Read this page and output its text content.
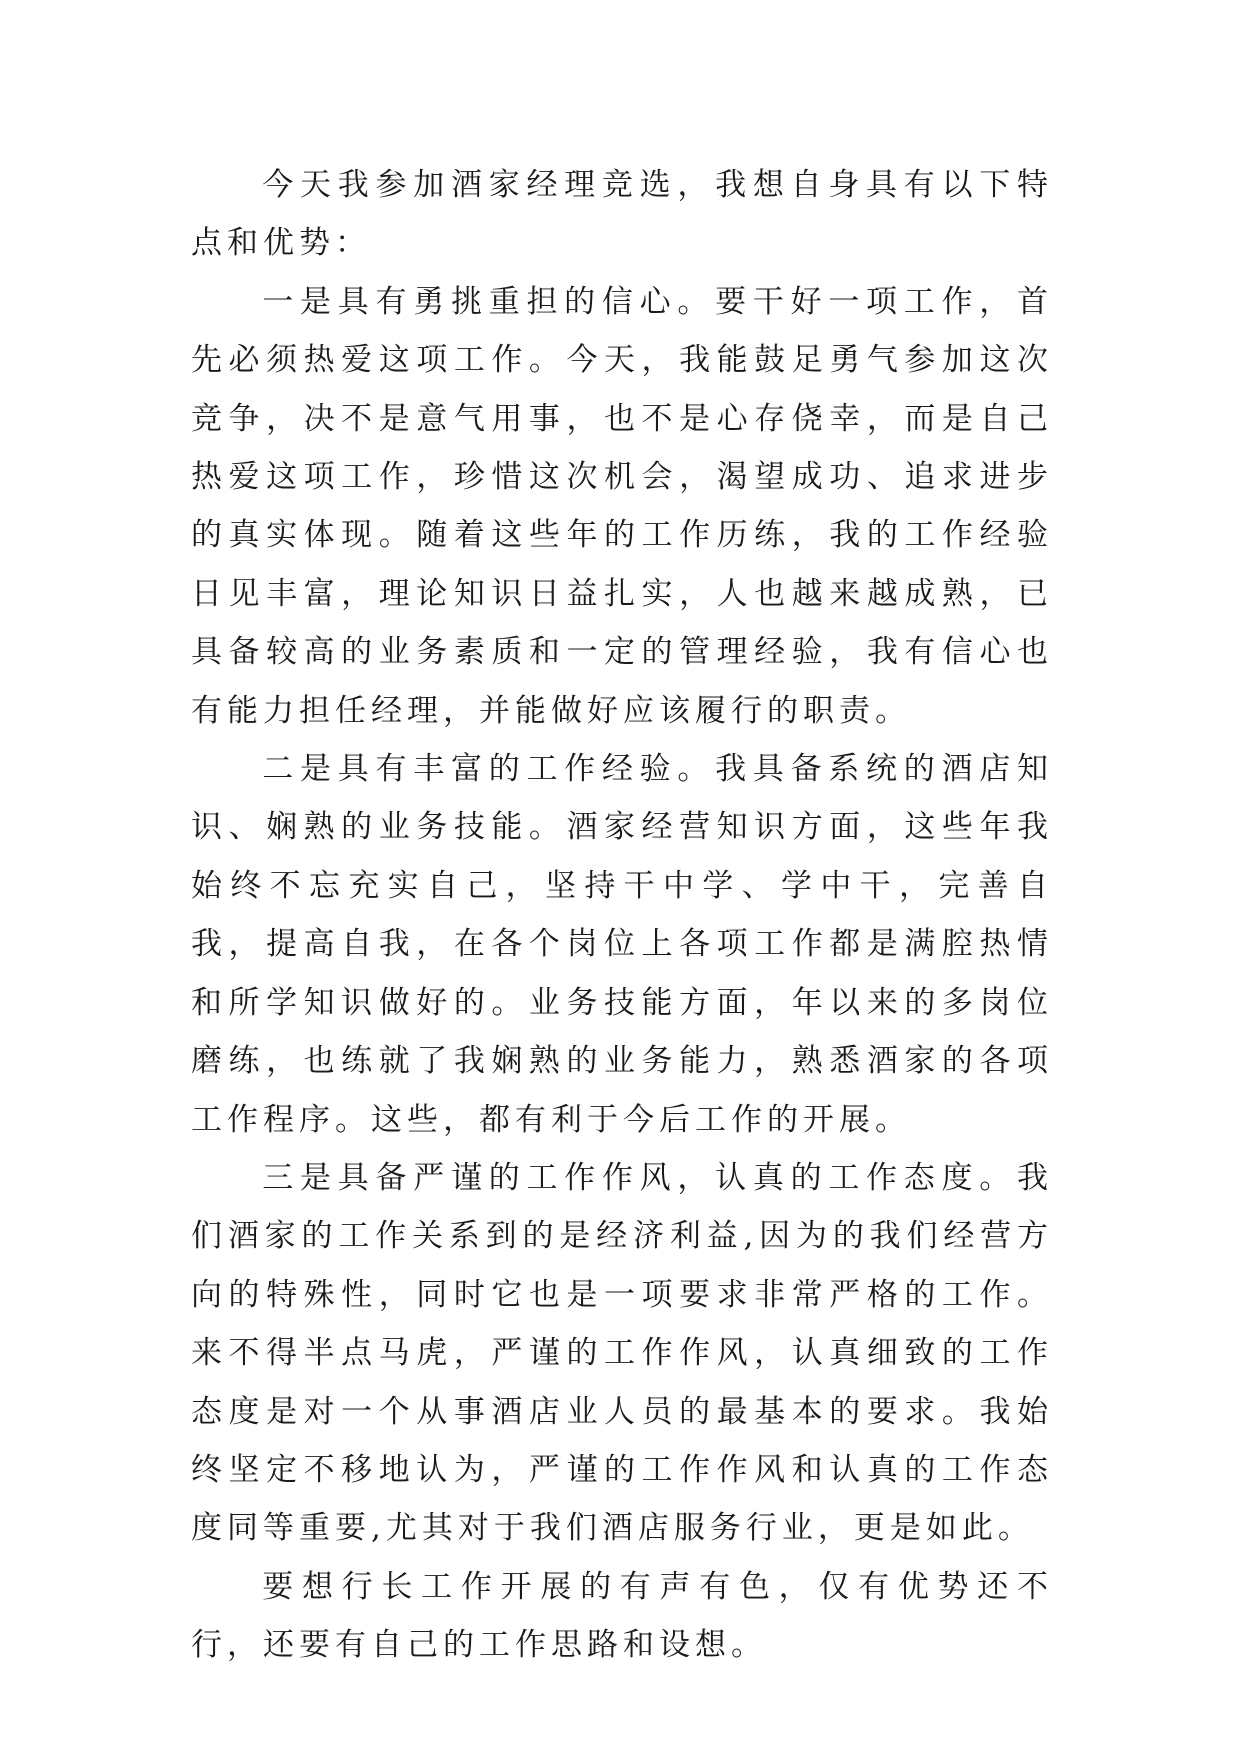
今天我参加酒家经理竞选，我想自身具有以下特点和优势：

一是具有勇挑重担的信心。要干好一项工作，首先必须热爱这项工作。今天，我能鼓足勇气参加这次竞争，决不是意气用事，也不是心存侥幸，而是自己热爱这项工作，珍惜这次机会，渴望成功、追求进步的真实体现。随着这些年的工作历练，我的工作经验日见丰富，理论知识日益扎实，人也越来越成熟，已具备较高的业务素质和一定的管理经验，我有信心也有能力担任经理，并能做好应该履行的职责。

二是具有丰富的工作经验。我具备系统的酒店知识、娴熟的业务技能。酒家经营知识方面，这些年我始终不忘充实自己，坚持干中学、学中干，完善自我，提高自我，在各个岗位上各项工作都是满腔热情和所学知识做好的。业务技能方面，年以来的多岗位磨练，也练就了我娴熟的业务能力，熟悉酒家的各项工作程序。这些，都有利于今后工作的开展。

三是具备严谨的工作作风，认真的工作态度。我们酒家的工作关系到的是经济利益,因为的我们经营方向的特殊性，同时它也是一项要求非常严格的工作。来不得半点马虎，严谨的工作作风，认真细致的工作态度是对一个从事酒店业人员的最基本的要求。我始终坚定不移地认为，严谨的工作作风和认真的工作态度同等重要,尤其对于我们酒店服务行业，更是如此。

要想行长工作开展的有声有色，仅有优势还不行，还要有自己的工作思路和设想。
